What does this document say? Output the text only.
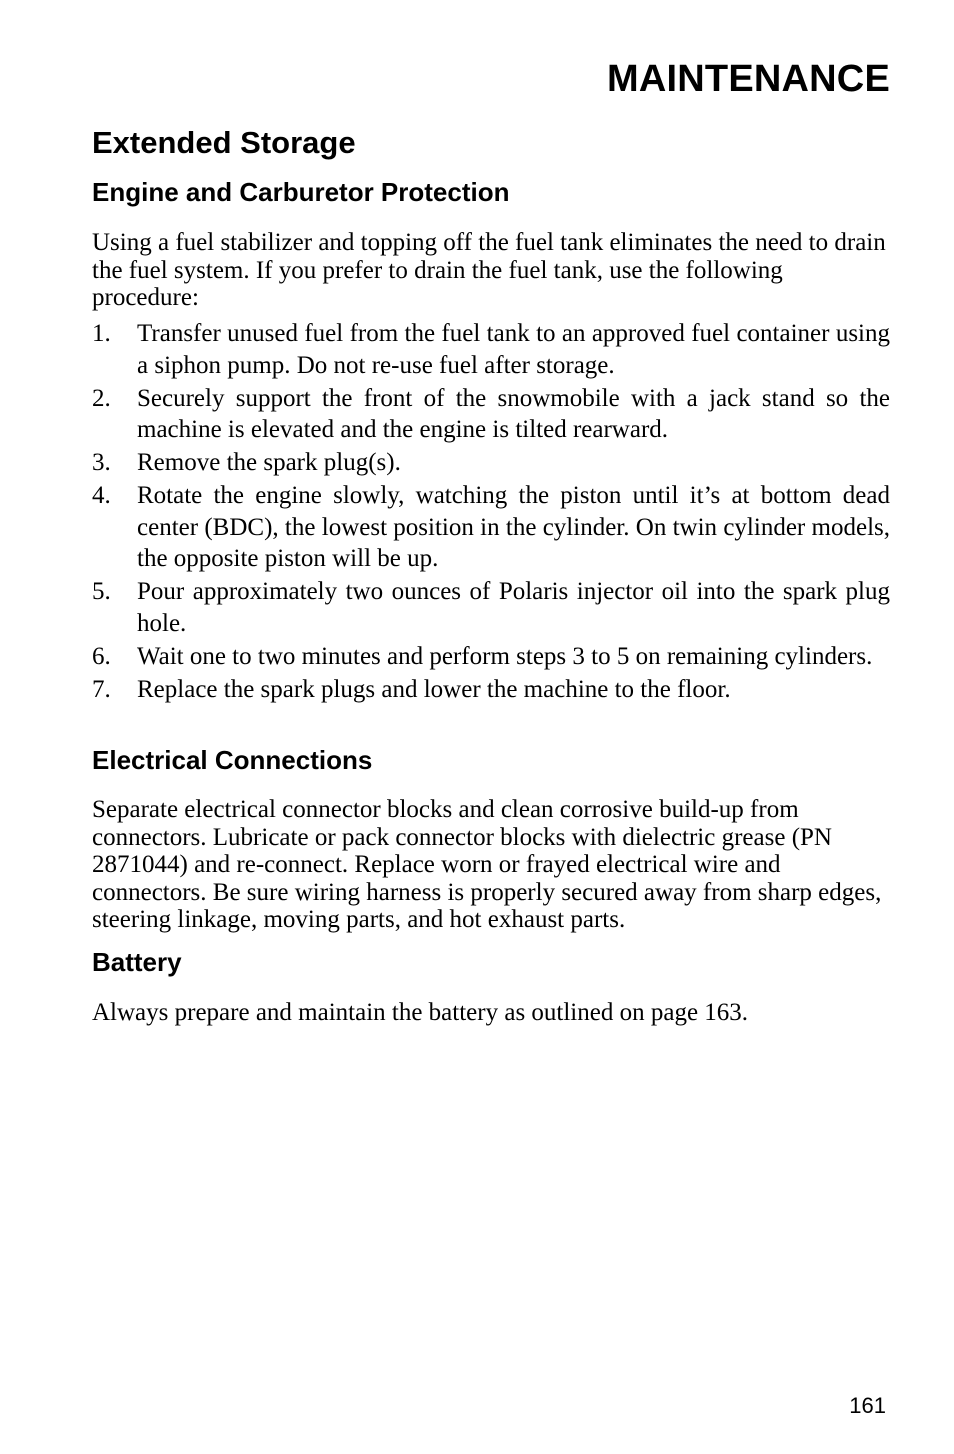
MAINTENANCE
Extended Storage
Engine and Carburetor Protection

Using a fuel stabilizer and topping off the fuel tank eliminates the need to drain the fuel system. If you prefer to drain the fuel tank, use the following procedure:

1. Transfer unused fuel from the fuel tank to an approved fuel container using a siphon pump. Do not re-use fuel after storage.
2. Securely support the front of the snowmobile with a jack stand so the machine is elevated and the engine is tilted rearward.
3. Remove the spark plug(s).
4. Rotate the engine slowly, watching the piston until it’s at bottom dead center (BDC), the lowest position in the cylinder. On twin cylinder models, the opposite piston will be up.
5. Pour approximately two ounces of Polaris injector oil into the spark plug hole.
6. Wait one to two minutes and perform steps 3 to 5 on remaining cylinders.
7. Replace the spark plugs and lower the machine to the floor.
Electrical Connections

Separate electrical connector blocks and clean corrosive build-up from connectors. Lubricate or pack connector blocks with dielectric grease (PN 2871044) and re-connect. Replace worn or frayed electrical wire and connectors. Be sure wiring harness is properly secured away from sharp edges, steering linkage, moving parts, and hot exhaust parts.

Battery

Always prepare and maintain the battery as outlined on page 163.

161
